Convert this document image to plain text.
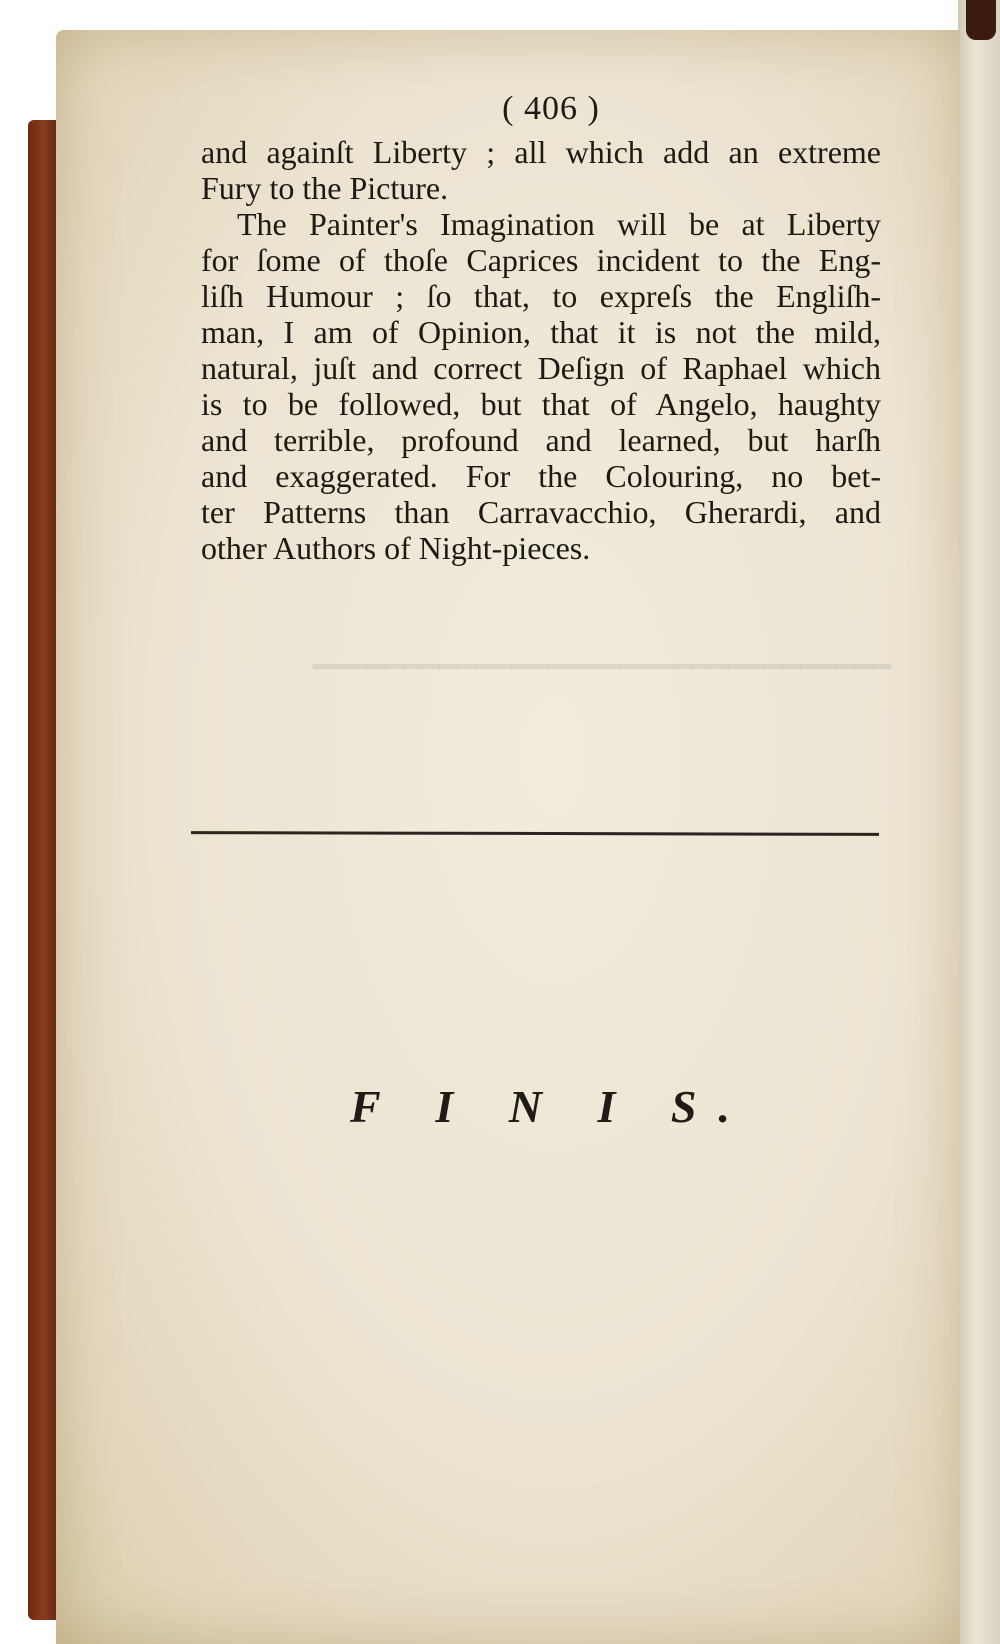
━━━━━━━━━━━━━━━━━━━━━━━━━━━━━━━━
( 406 )
and againſt Liberty ; all which add an extreme
Fury to the Picture.
The Painter's Imagination will be at Liberty
for ſome of thoſe Caprices incident to the Eng-
liſh Humour ; ſo that, to expreſs the Engliſh-
man, I am of Opinion, that it is not the mild,
natural, juſt and correct Deſign of Raphael which
is to be followed, but that of Angelo, haughty
and terrible, profound and learned, but harſh
and exaggerated. For the Colouring, no bet-
ter Patterns than Carravacchio, Gherardi, and
other Authors of Night-pieces.
F I N I S.
